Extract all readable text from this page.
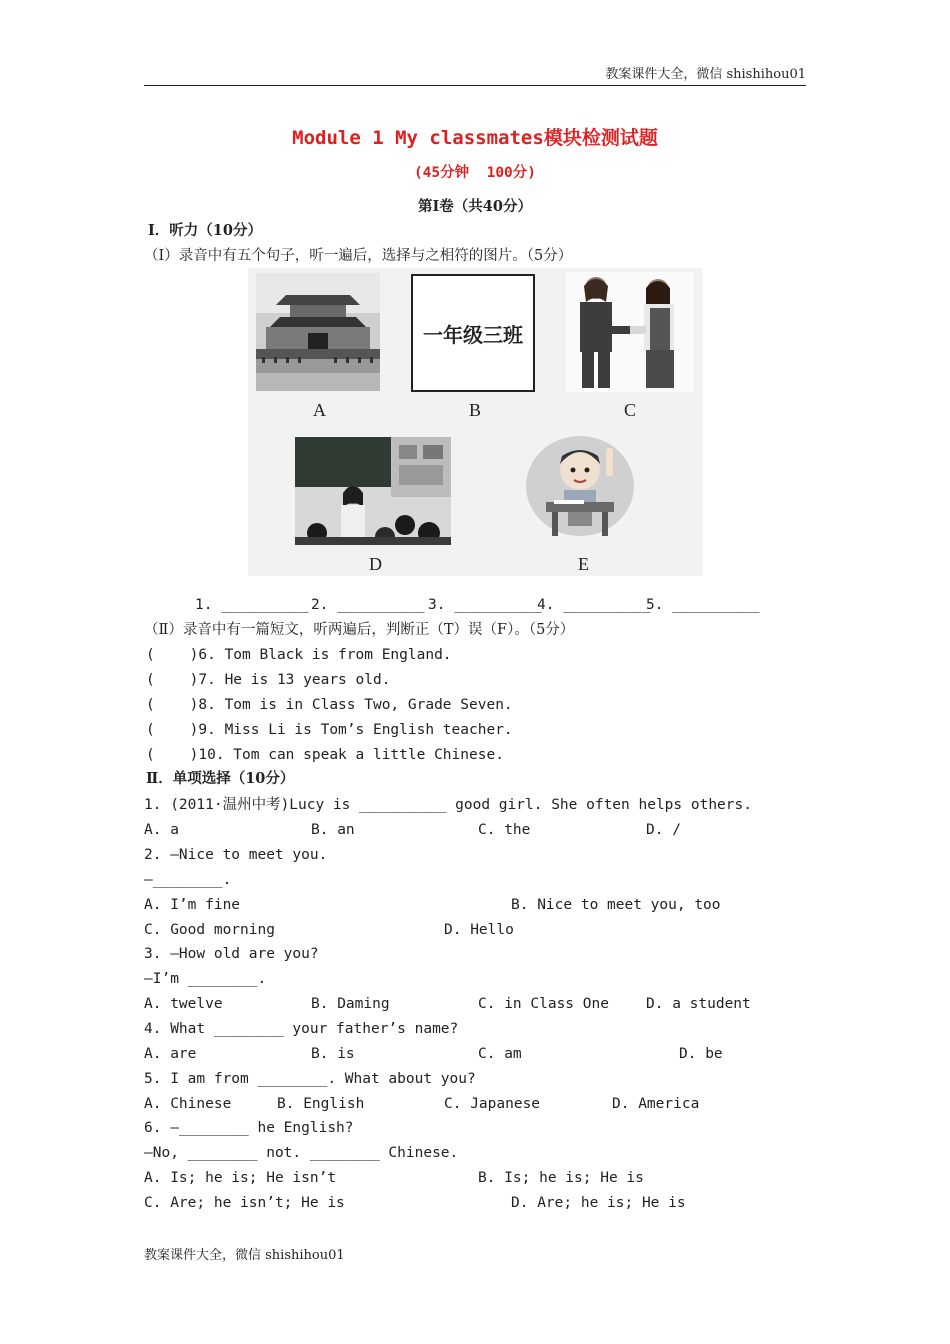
教案课件大全，微信 shishihou01
Module 1 My classmates模块检测试题
(45分钟  100分)
第Ⅰ卷（共40分）
Ⅰ．听力（10分）
（Ⅰ）录音中有五个句子，听一遍后，选择与之相符的图片。（5分）
A
一年级三班
B	C
D	E
1. __________ 2. __________ 3. __________
4. __________
5. __________
（Ⅱ）录音中有一篇短文，听两遍后，判断正（T）误（F）。（5分）
(    )6. Tom Black is from England.
(    )7. He is 13 years old.
(    )8. Tom is in Class Two, Grade Seven.
(    )9. Miss Li is Tom’s English teacher.
(    )10. Tom can speak a little Chinese.
Ⅱ．单项选择（10分）
1. (2011·温州中考)Lucy is __________ good girl. She often helps others.
A. a	B. an	C. the	D. /
2. —Nice to meet you.
—________.
A. I’m fine	B. Nice to meet you, too
C. Good morning	D. Hello
3. —How old are you?
—I’m ________.
A. twelve	B. Daming	C. in Class One	D. a student
4. What ________ your father’s name?
A. are	B. is	C. am	D. be
5. I am from ________. What about you?
A. Chinese	B. English	C. Japanese	D. America
6. —________ he English?
—No, ________ not. ________ Chinese.
A. Is; he is; He isn’t	B. Is; he is; He is
C. Are; he isn’t; He is	D. Are; he is; He is
教案课件大全，微信 shishihou01
